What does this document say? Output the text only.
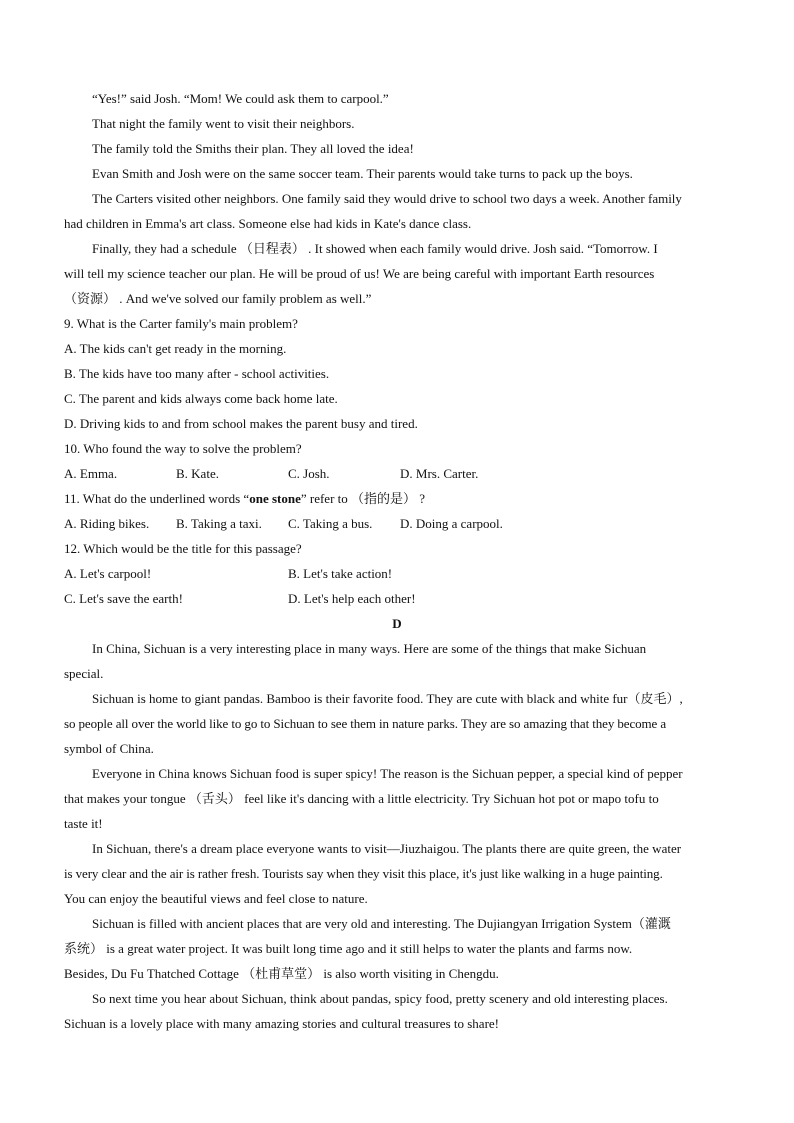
“Yes!” said Josh. “Mom! We could ask them to carpool.”
That night the family went to visit their neighbors.
The family told the Smiths their plan. They all loved the idea!
Evan Smith and Josh were on the same soccer team. Their parents would take turns to pack up the boys.
The Carters visited other neighbors. One family said they would drive to school two days a week. Another family
had children in Emma's art class. Someone else had kids in Kate's dance class.
Finally, they had a schedule （日程表） . It showed when each family would drive. Josh said. “Tomorrow. I
will tell my science teacher our plan. He will be proud of us! We are being careful with important Earth resources
（资源） . And we've solved our family problem as well.”
9. What is the Carter family's main problem?
A. The kids can't get ready in the morning.
B. The kids have too many after - school activities.
C. The parent and kids always come back home late.
D. Driving kids to and from school makes the parent busy and tired.
10. Who found the way to solve the problem?
A. Emma.	B. Kate.	C. Josh.	D. Mrs. Carter.
11. What do the underlined words “one stone” refer to （指的是） ?
A. Riding bikes. B. Taking a taxi. C. Taking a bus. D. Doing a carpool.
12. Which would be the title for this passage?
A. Let's carpool!	B. Let's take action!
C. Let's save the earth!	D. Let's help each other!
D
In China, Sichuan is a very interesting place in many ways. Here are some of the things that make Sichuan
special.
Sichuan is home to giant pandas. Bamboo is their favorite food. They are cute with black and white fur（皮毛）,
so people all over the world like to go to Sichuan to see them in nature parks. They are so amazing that they become a
symbol of China.
Everyone in China knows Sichuan food is super spicy! The reason is the Sichuan pepper, a special kind of pepper
that makes your tongue （舌头） feel like it's dancing with a little electricity. Try Sichuan hot pot or mapo tofu to
taste it!
In Sichuan, there's a dream place everyone wants to visit—Jiuzhaigou. The plants there are quite green, the water
is very clear and the air is rather fresh. Tourists say when they visit this place, it's just like walking in a huge painting.
You can enjoy the beautiful views and feel close to nature.
Sichuan is filled with ancient places that are very old and interesting. The Dujiangyan Irrigation System（灌溉
系统） is a great water project. It was built long time ago and it still helps to water the plants and farms now.
Besides, Du Fu Thatched Cottage （杜甫草堂） is also worth visiting in Chengdu.
So next time you hear about Sichuan, think about pandas, spicy food, pretty scenery and old interesting places.
Sichuan is a lovely place with many amazing stories and cultural treasures to share!
